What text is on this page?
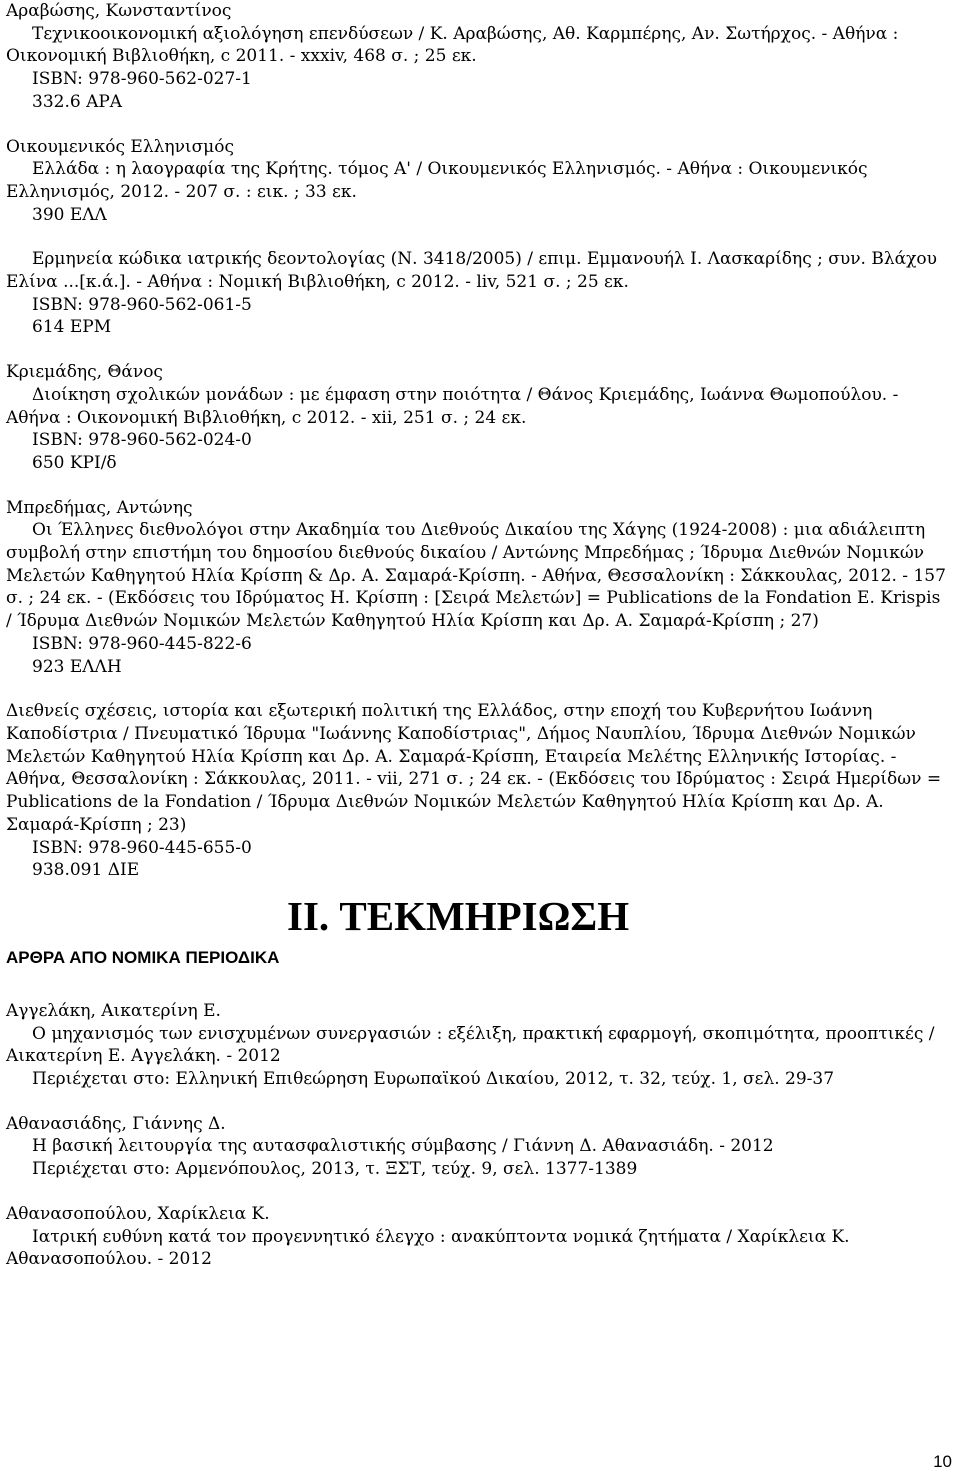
Αραβώσης, Κωνσταντίνος

Τεχνικοοικονομική αξιολόγηση επενδύσεων / Κ. Αραβώσης, Αθ. Καρμπέρης, Αν. Σωτήρχος. - Αθήνα : Οικονομική Βιβλιοθήκη, c 2011. - xxxiv, 468 σ. ; 25 εκ.

ISBN: 978-960-562-027-1

332.6 ΑΡΑ

Οικουμενικός Ελληνισμός

Ελλάδα : η λαογραφία της Κρήτης. τόμος Α' / Οικουμενικός Ελληνισμός. - Αθήνα : Οικουμενικός Ελληνισμός, 2012. - 207 σ. : εικ. ; 33 εκ.

390 ΕΛΛ

Ερμηνεία κώδικα ιατρικής δεοντολογίας (Ν. 3418/2005) / επιμ. Εμμανουήλ Ι. Λασκαρίδης ; συν. Βλάχου Ελίνα ...[κ.ά.]. - Αθήνα : Νομική Βιβλιοθήκη, c 2012. - liv, 521 σ. ; 25 εκ.

ISBN: 978-960-562-061-5

614 ΕΡΜ

Κριεμάδης, Θάνος

Διοίκηση σχολικών μονάδων : με έμφαση στην ποιότητα / Θάνος Κριεμάδης, Ιωάννα Θωμοπούλου. - Αθήνα : Οικονομική Βιβλιοθήκη, c 2012. - xii, 251 σ. ; 24 εκ.

ISBN: 978-960-562-024-0

650 ΚΡΙ/δ

Μπρεδήμας, Αντώνης

Οι Έλληνες διεθνολόγοι στην Ακαδημία του Διεθνούς Δικαίου της Χάγης (1924-2008) : μια αδιάλειπτη συμβολή στην επιστήμη του δημοσίου διεθνούς δικαίου / Αντώνης Μπρεδήμας ; Ίδρυμα Διεθνών Νομικών Μελετών Καθηγητού Ηλία Κρίσπη & Δρ. Α. Σαμαρά-Κρίσπη. - Αθήνα, Θεσσαλονίκη : Σάκκουλας, 2012. - 157 σ. ; 24 εκ. - (Εκδόσεις του Ιδρύματος Η. Κρίσπη : [Σειρά Μελετών] = Publications de la Fondation E. Krispis / Ίδρυμα Διεθνών Νομικών Μελετών Καθηγητού Ηλία Κρίσπη και Δρ. Α. Σαμαρά-Κρίσπη ; 27)

ISBN: 978-960-445-822-6

923 ΕΛΛΗ

Διεθνείς σχέσεις, ιστορία και εξωτερική πολιτική της Ελλάδος, στην εποχή του Κυβερνήτου Ιωάννη Καποδίστρια / Πνευματικό Ίδρυμα "Ιωάννης Καποδίστριας", Δήμος Ναυπλίου, Ίδρυμα Διεθνών Νομικών Μελετών Καθηγητού Ηλία Κρίσπη και Δρ. Α. Σαμαρά-Κρίσπη, Εταιρεία Μελέτης Ελληνικής Ιστορίας. - Αθήνα, Θεσσαλονίκη : Σάκκουλας, 2011. - vii, 271 σ. ; 24 εκ. - (Εκδόσεις του Ιδρύματος : Σειρά Ημερίδων = Publications de la Fondation / Ίδρυμα Διεθνών Νομικών Μελετών Καθηγητού Ηλία Κρίσπη και Δρ. Α. Σαμαρά-Κρίσπη ; 23)

ISBN: 978-960-445-655-0

938.091 ΔΙΕ

II. ΤΕΚΜΗΡΙΩΣΗ

ΑΡΘΡΑ ΑΠΟ ΝΟΜΙΚΑ ΠΕΡΙΟΔΙΚΑ

Αγγελάκη, Αικατερίνη Ε.

Ο μηχανισμός των ενισχυμένων συνεργασιών : εξέλιξη, πρακτική εφαρμογή, σκοπιμότητα, προοπτικές / Αικατερίνη Ε. Αγγελάκη. - 2012

Περιέχεται στο: Ελληνική Επιθεώρηση Ευρωπαϊκού Δικαίου, 2012, τ. 32, τεύχ. 1, σελ. 29-37

Αθανασιάδης, Γιάννης Δ.

Η βασική λειτουργία της αυτασφαλιστικής σύμβασης / Γιάννη Δ. Αθανασιάδη. - 2012

Περιέχεται στο: Αρμενόπουλος, 2013, τ. ΞΣΤ, τεύχ. 9, σελ. 1377-1389

Αθανασοπούλου, Χαρίκλεια Κ.

Ιατρική ευθύνη κατά τον προγεννητικό έλεγχο : ανακύπτοντα νομικά ζητήματα / Χαρίκλεια Κ. Αθανασοπούλου. - 2012

10
